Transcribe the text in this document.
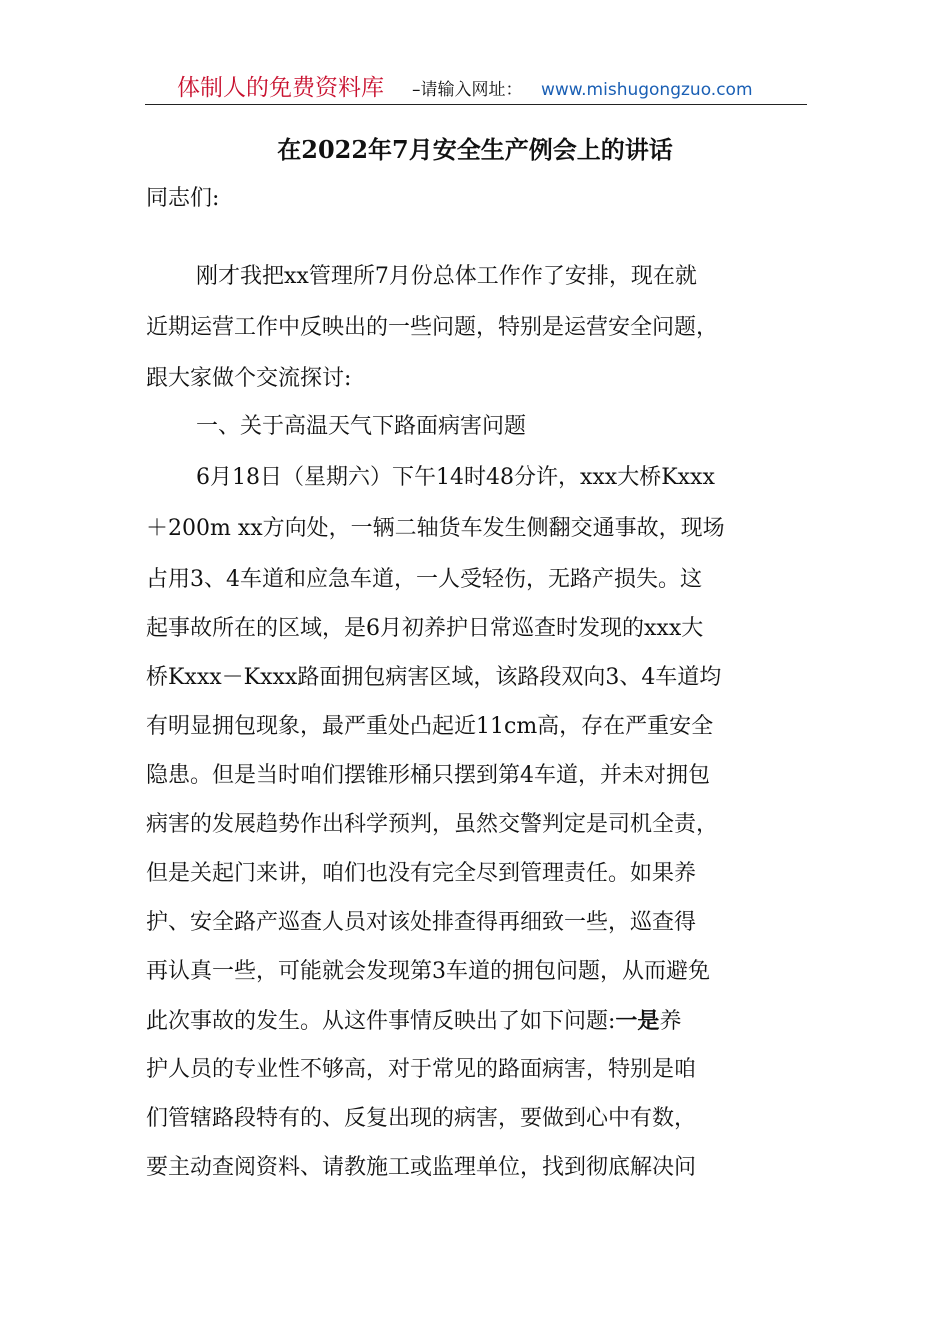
体制人的免费资料库 –请输入网址： www.mishugongzuo.com
在2022年7月安全生产例会上的讲话
同志们:
刚才我把xx管理所7月份总体工作作了安排，现在就
近期运营工作中反映出的一些问题，特别是运营安全问题，
跟大家做个交流探讨:
一、关于高温天气下路面病害问题
6月18日（星期六）下午14时48分许，xxx大桥Kxxx
＋200m xx方向处，一辆二轴货车发生侧翻交通事故，现场
占用3、4车道和应急车道，一人受轻伤，无路产损失。这
起事故所在的区域，是6月初养护日常巡查时发现的xxx大
桥Kxxx－Kxxx路面拥包病害区域，该路段双向3、4车道均
有明显拥包现象，最严重处凸起近11cm高，存在严重安全
隐患。但是当时咱们摆锥形桶只摆到第4车道，并未对拥包
病害的发展趋势作出科学预判，虽然交警判定是司机全责，
但是关起门来讲，咱们也没有完全尽到管理责任。如果养
护、安全路产巡查人员对该处排查得再细致一些，巡查得
再认真一些，可能就会发现第3车道的拥包问题，从而避免
此次事故的发生。从这件事情反映出了如下问题:一是养
护人员的专业性不够高，对于常见的路面病害，特别是咱
们管辖路段特有的、反复出现的病害，要做到心中有数，
要主动查阅资料、请教施工或监理单位，找到彻底解决问
